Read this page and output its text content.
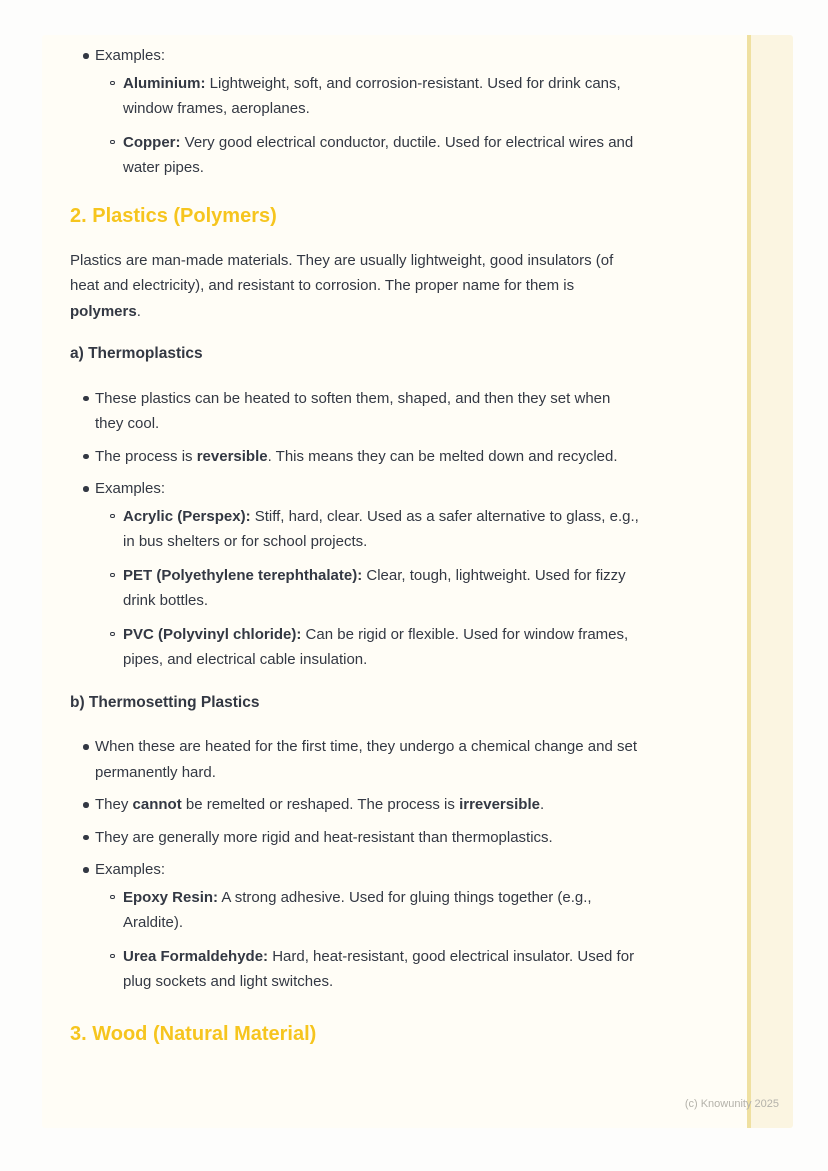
Examples:
Aluminium: Lightweight, soft, and corrosion-resistant. Used for drink cans, window frames, aeroplanes.
Copper: Very good electrical conductor, ductile. Used for electrical wires and water pipes.
2. Plastics (Polymers)

Plastics are man-made materials. They are usually lightweight, good insulators (of heat and electricity), and resistant to corrosion. The proper name for them is polymers.

a) Thermoplastics
These plastics can be heated to soften them, shaped, and then they set when they cool.
The process is reversible. This means they can be melted down and recycled.
Examples:
Acrylic (Perspex): Stiff, hard, clear. Used as a safer alternative to glass, e.g., in bus shelters or for school projects.
PET (Polyethylene terephthalate): Clear, tough, lightweight. Used for fizzy drink bottles.
PVC (Polyvinyl chloride): Can be rigid or flexible. Used for window frames, pipes, and electrical cable insulation.
b) Thermosetting Plastics
When these are heated for the first time, they undergo a chemical change and set permanently hard.
They cannot be remelted or reshaped. The process is irreversible.
They are generally more rigid and heat-resistant than thermoplastics.
Examples:
Epoxy Resin: A strong adhesive. Used for gluing things together (e.g., Araldite).
Urea Formaldehyde: Hard, heat-resistant, good electrical insulator. Used for plug sockets and light switches.
3. Wood (Natural Material)
(c) Knowunity 2025
